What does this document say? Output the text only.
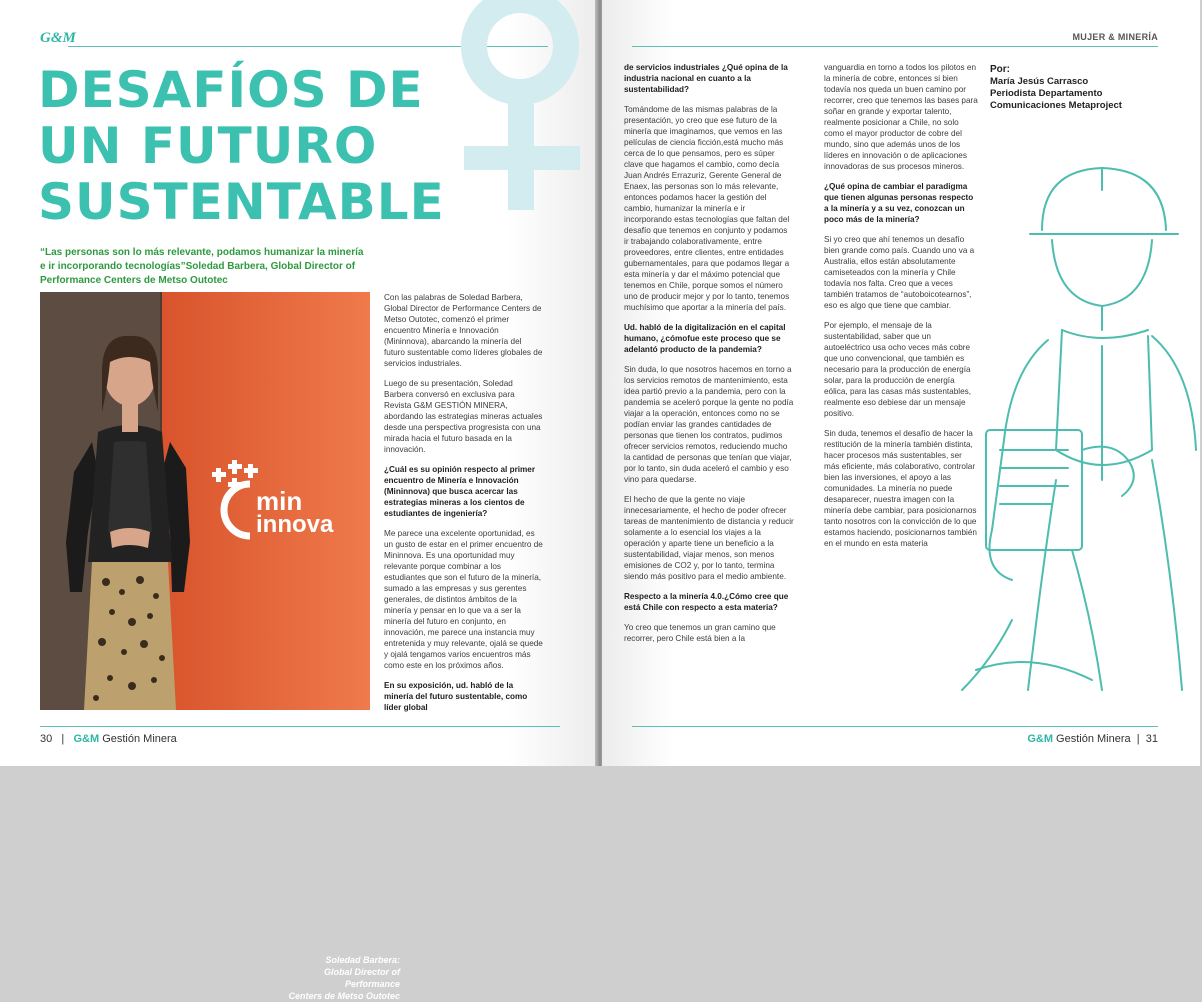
G&M
DESAFÍOS DE
UN FUTURO
SUSTENTABLE

“Las personas son lo más relevante, podamos humanizar la minería e ir incorporando tecnologías”Soledad Barbera, Global Director of Performance Centers de Metso Outotec

min
innova
Soledad Barbera:
Global Director of Performance
Centers de Metso Outotec

Con las palabras de Soledad Barbera, Global Director de Performance Centers de Metso Outotec, comenzó el primer encuentro Minería e Innovación (Mininnova), abarcando la minería del futuro sustentable como líderes globales de servicios industriales.

Luego de su presentación, Soledad Barbera conversó en exclusiva para Revista G&M GESTIÓN MINERA, abordando las estrategias mineras actuales desde una perspectiva progresista con una mirada hacia el futuro basada en la innovación.

¿Cuál es su opinión respecto al primer encuentro de Minería e Innovación (Mininnova) que busca acercar las estrategias mineras a los cientos de estudiantes de ingeniería?

Me parece una excelente oportunidad, es un gusto de estar en el primer encuentro de Mininnova. Es una oportunidad muy relevante porque combinar a los estudiantes que son el futuro de la minería, sumado a las empresas y sus gerentes generales, de distintos ámbitos de la minería y pensar en lo que va a ser la minería del futuro en conjunto, en innovación, me parece una instancia muy entretenida y muy relevante, ojalá se quede y ojalá tengamos varios encuentros más como este en los próximos años.

En su exposición, ud. habló de la minería del futuro sustentable, como líder global

30 | G&M Gestión Minera
MUJER & MINERÍA

de servicios industriales ¿Qué opina de la industria nacional en cuanto a la sustentabilidad?

Tomándome de las mismas palabras de la presentación, yo creo que ese futuro de la minería que imaginamos, que vemos en las películas de ciencia ficción,está mucho más cerca de lo que pensamos, pero es súper clave que hagamos el cambio, como decía Juan Andrés Errazuriz, Gerente General de Enaex, las personas son lo más relevante, entonces podamos hacer la gestión del cambio, humanizar la minería e ir incorporando estas tecnologías que faltan del desafío que tenemos en conjunto y podamos ir trabajando colaborativamente, entre proveedores, entre clientes, entre entidades gubernamentales, para que podamos llegar a esta minería y dar el máximo potencial que tenemos en Chile, porque somos el número uno de producir mejor y por lo tanto, tenemos muchísimo que aportar a la minería del país.

Ud. habló de la digitalización en el capital humano, ¿cómofue este proceso que se adelantó producto de la pandemia?

Sin duda, lo que nosotros hacemos en torno a los servicios remotos de mantenimiento, esta idea partió previo a la pandemia, pero con la pandemia se aceleró porque la gente no podía viajar a la operación, entonces como no se podían enviar las grandes cantidades de personas que tienen los contratos, pudimos ofrecer servicios remotos, reduciendo mucho la cantidad de personas que tenían que viajar, por lo tanto, sin duda aceleró el cambio y eso vino para quedarse.

El hecho de que la gente no viaje innecesariamente, el hecho de poder ofrecer tareas de mantenimiento de distancia y reducir solamente a lo esencial los viajes a la operación y aparte tiene un beneficio a la sustentabilidad, viajar menos, son menos emisiones de CO2 y, por lo tanto, termina siendo más positivo para el medio ambiente.

Respecto a la minería 4.0.¿Cómo cree que está Chile con respecto a esta materia?

Yo creo que tenemos un gran camino que recorrer, pero Chile está bien a la

vanguardia en torno a todos los pilotos en la minería de cobre, entonces si bien todavía nos queda un buen camino por recorrer, creo que tenemos las bases para soñar en grande y exportar talento, realmente posicionar a Chile, no solo como el mayor productor de cobre del mundo, sino que además unos de los líderes en innovación o de aplicaciones innovadoras de sus procesos mineros.

¿Qué opina de cambiar el paradigma que tienen algunas personas respecto a la minería y a su vez, conozcan un poco más de la minería?

Si yo creo que ahí tenemos un desafío bien grande como país. Cuando uno va a Australia, ellos están absolutamente camiseteados con la minería y Chile todavía nos falta. Creo que a veces también tratamos de “autoboicotearnos”, eso es algo que tiene que cambiar.

Por ejemplo, el mensaje de la sustentabilidad, saber que un autoeléctrico usa ocho veces más cobre que uno convencional, que también es necesario para la producción de energía solar, para la producción de energía eólica, para las casas más sustentables, realmente eso debiese dar un mensaje positivo.

Sin duda, tenemos el desafío de hacer la restitución de la minería también distinta, hacer procesos más sustentables, ser más eficiente, más colaborativo, controlar bien las inversiones, el apoyo a las comunidades. La minería no puede desaparecer, nuestra imagen con la minería debe cambiar, para posicionarnos tanto nosotros con la convicción de lo que estamos haciendo, posicionarnos también en el mundo en esta materia

Por:
María Jesús Carrasco
Periodista Departamento
Comunicaciones Metaproject
G&M Gestión Minera | 31
